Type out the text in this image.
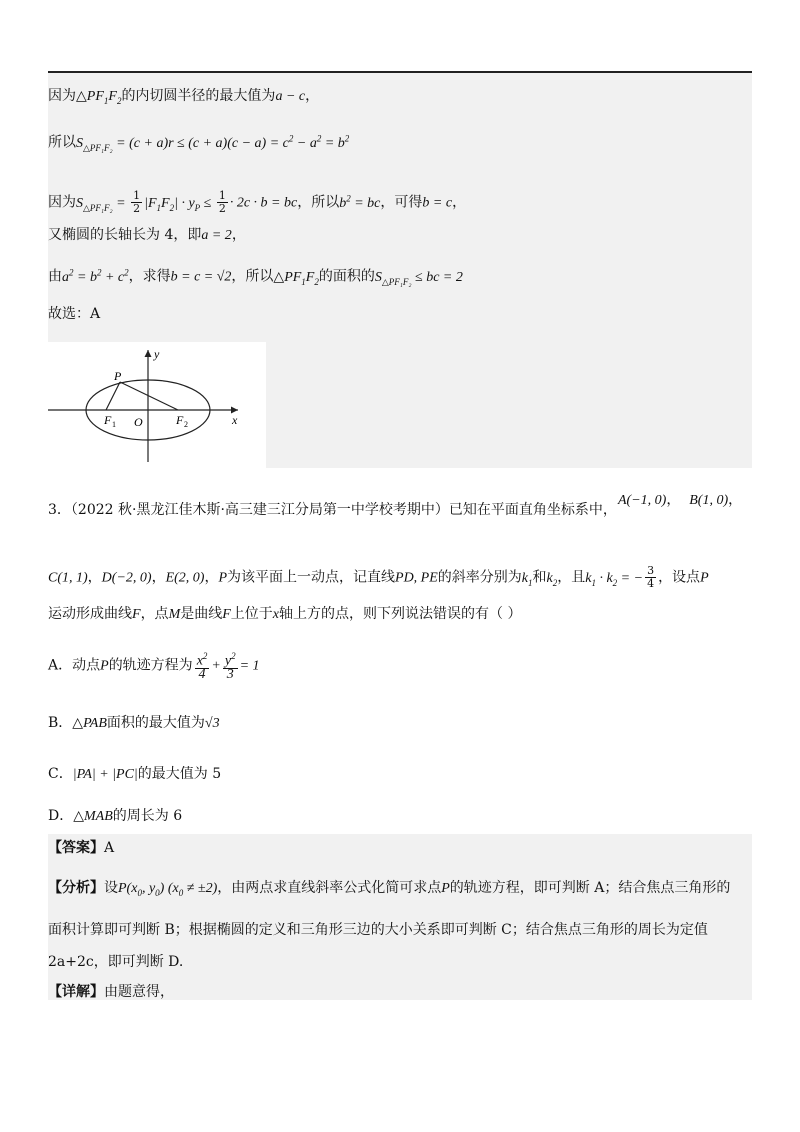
因为$\triangle PF_1F_2$的内切圆半径的最大值为a − c，
所以$S_{\triangle PF_1F_2} = (c + a)r \le (c + a)(c - a) = c^2 - a^2 = b^2$
因为$S_{\triangle PF_1F_2} = \frac{1}{2} |F_1F_2| \cdot y_P \le \frac{1}{2} \cdot 2c \cdot b$ = bc，所以$b^2$ = bc，可得b = c，
又椭圆的长轴长为 4，即a = 2，
由$a^2 = b^2 + c^2$，求得b = c = √2，所以$\triangle PF_1F_2$的面积的$S_{\triangle PF_1F_2}$ ≤ bc = 2
故选：A
y
x
P
O
F 1	F 2
3．（2022 秋·黑龙江佳木斯·高三建三江分局第一中学校考期中）已知在平面直角坐标系中，
A(−1, 0)， B(1, 0)，
C(1, 1)，D(−2, 0)，E(2, 0)，P为该平面上一动点，记直线PD, PE的斜率分别为$k_1$和$k_2$，且$k_1 \cdot k_2$ = − $\frac{3}{4}$ ，设点P
运动形成曲线F，点M是曲线F上位于x轴上方的点，则下列说法错误的有（ ）
A．动点P的轨迹方程为 $\frac{x^2}{4} + \frac{y^2}{3} = 1$
B．△PAB面积的最大值为√3
C．|PA| + |PC|的最大值为 5
D．△MAB的周长为 6
【答案】A
【分析】设$P(x_0$, $y_0$) $(x_0 \ne \pm 2)$，由两点求直线斜率公式化简可求点P的轨迹方程，即可判断 A；结合焦点三角形的
面积计算即可判断 B；根据椭圆的定义和三角形三边的大小关系即可判断 C；结合焦点三角形的周长为定值
2a+2c，即可判断 D.
【详解】由题意得，
